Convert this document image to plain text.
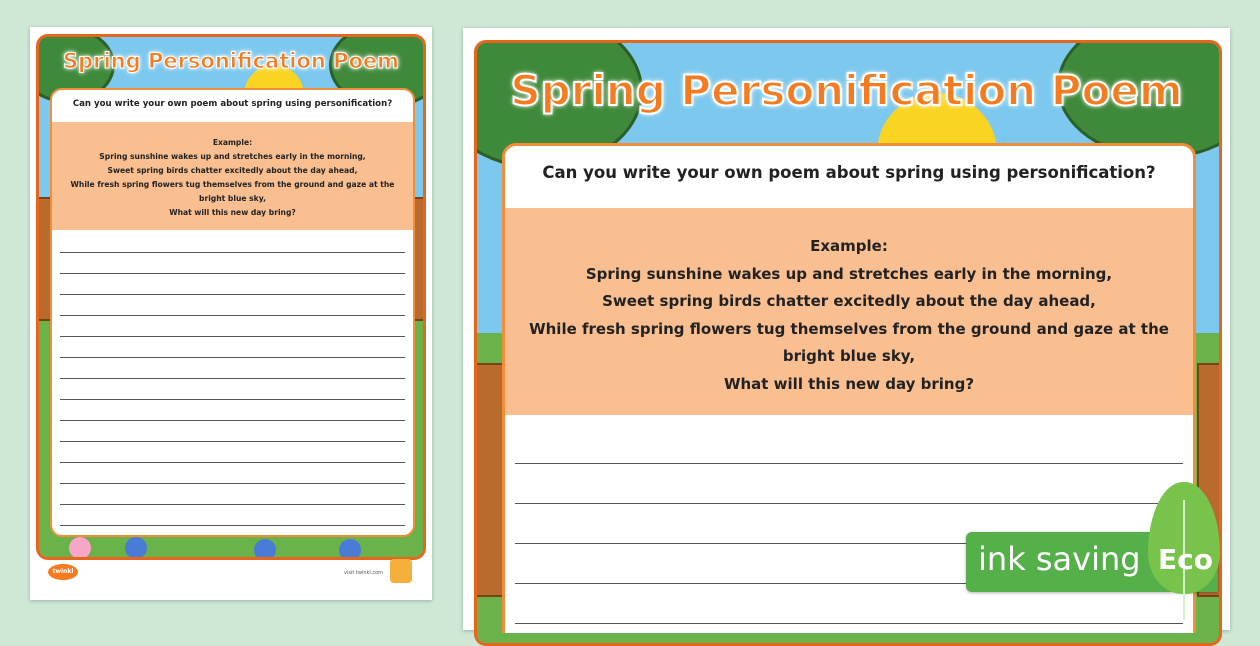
Spring Personification Poem
Can you write your own poem about spring using personification?
Example:
Spring sunshine wakes up and stretches early in the morning,
Sweet spring birds chatter excitedly about the day ahead,
While fresh spring flowers tug themselves from the ground and gaze at the
bright blue sky,
What will this new day bring?
twinkl	visit twinkl.com
Spring Personification Poem
Can you write your own poem about spring using personification?
Example:
Spring sunshine wakes up and stretches early in the morning,
Sweet spring birds chatter excitedly about the day ahead,
While fresh spring flowers tug themselves from the ground and gaze at the
bright blue sky,
What will this new day bring?
ink saving Eco
